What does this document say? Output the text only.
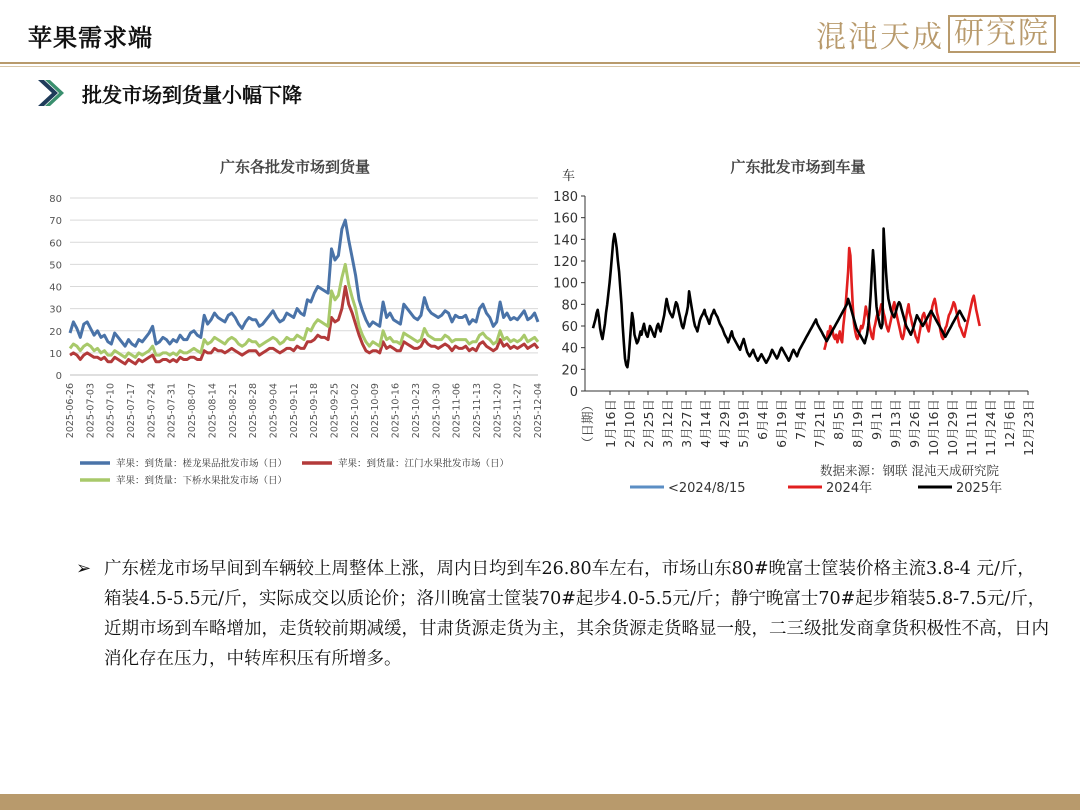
苹果需求端	混沌天成 研究院
批发市场到货量小幅下降
广东各批发市场到货量
0
10
20
30
40
50
60
70
80
2025-06-26 2025-07-03 2025-07-10 2025-07-17 2025-07-24 2025-07-31 2025-08-07 2025-08-14 2025-08-21 2025-08-28 2025-09-04 2025-09-11 2025-09-18 2025-09-25 2025-10-02 2025-10-09 2025-10-16 2025-10-23 2025-10-30 2025-11-06 2025-11-13 2025-11-20 2025-11-27 2025-12-04
苹果：到货量：槎龙果品批发市场（日）	苹果：到货量：江门水果批发市场（日）
苹果：到货量：下桥水果批发市场（日）
广东批发市场到车量
车
0
20
40
60
80
100
120
140
160
180
1月16日 2月10日 2月25日 3月12日 3月27日 4月14日 4月29日 5月19日 6月4日 6月19日 7月4日 7月21日 8月5日 8月19日 9月1日 9月13日 9月26日 10月16日 10月29日 11月11日 11月24日 12月6日 12月23日
（日期）
数据来源：钢联 混沌天成研究院
<2024/8/15	2024年	2025年
➢ 广东槎龙市场早间到车辆较上周整体上涨，周内日均到车26.80车左右，市场山东80#晚富士筐装价格主流3.8-4 元/斤，箱装4.5-5.5元/斤，实际成交以质论价；洛川晚富士筐装70#起步4.0-5.5元/斤；静宁晚富士70#起步箱装5.8-7.5元/斤，近期市场到车略增加，走货较前期减缓，甘肃货源走货为主，其余货源走货略显一般，二三级批发商拿货积极性不高，日内消化存在压力，中转库积压有所增多。
